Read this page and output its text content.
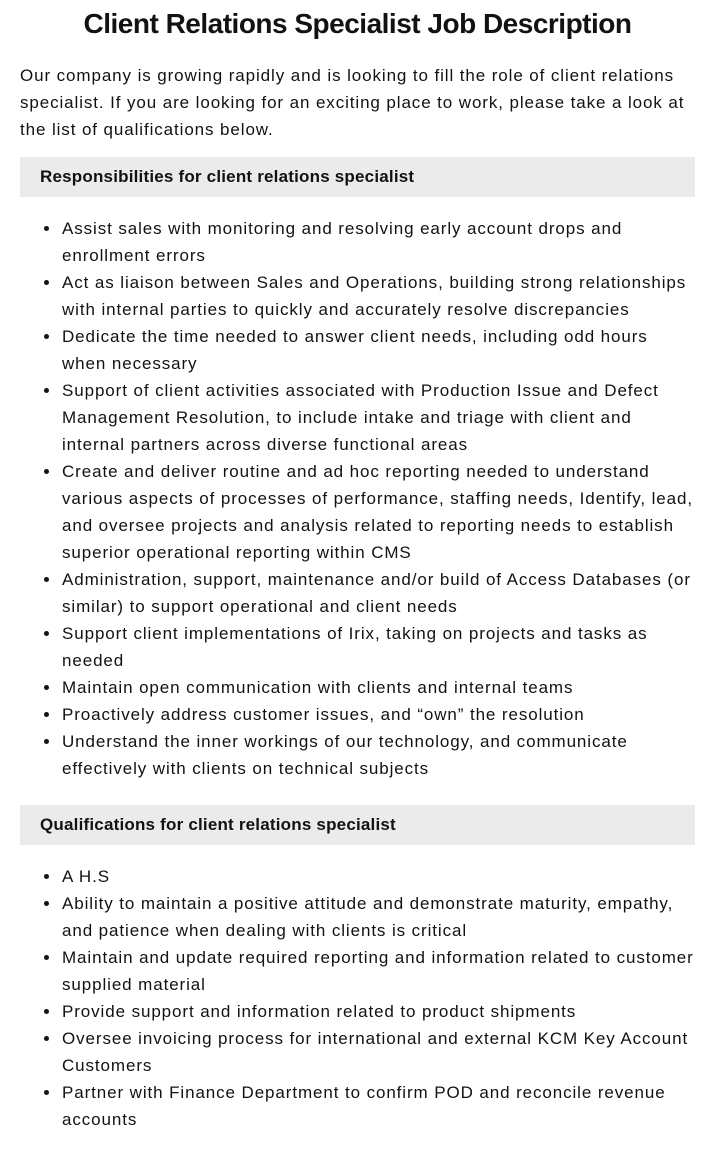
Client Relations Specialist Job Description

Our company is growing rapidly and is looking to fill the role of client relations specialist. If you are looking for an exciting place to work, please take a look at the list of qualifications below.

Responsibilities for client relations specialist
• Assist sales with monitoring and resolving early account drops and enrollment errors
• Act as liaison between Sales and Operations, building strong relationships with internal parties to quickly and accurately resolve discrepancies
• Dedicate the time needed to answer client needs, including odd hours when necessary
• Support of client activities associated with Production Issue and Defect Management Resolution, to include intake and triage with client and internal partners across diverse functional areas
• Create and deliver routine and ad hoc reporting needed to understand various aspects of processes of performance, staffing needs, Identify, lead, and oversee projects and analysis related to reporting needs to establish superior operational reporting within CMS
• Administration, support, maintenance and/or build of Access Databases (or similar) to support operational and client needs
• Support client implementations of Irix, taking on projects and tasks as needed
• Maintain open communication with clients and internal teams
• Proactively address customer issues, and “own” the resolution
• Understand the inner workings of our technology, and communicate effectively with clients on technical subjects
Qualifications for client relations specialist
• A H.S
• Ability to maintain a positive attitude and demonstrate maturity, empathy, and patience when dealing with clients is critical
• Maintain and update required reporting and information related to customer supplied material
• Provide support and information related to product shipments
• Oversee invoicing process for international and external KCM Key Account Customers
• Partner with Finance Department to confirm POD and reconcile revenue accounts
